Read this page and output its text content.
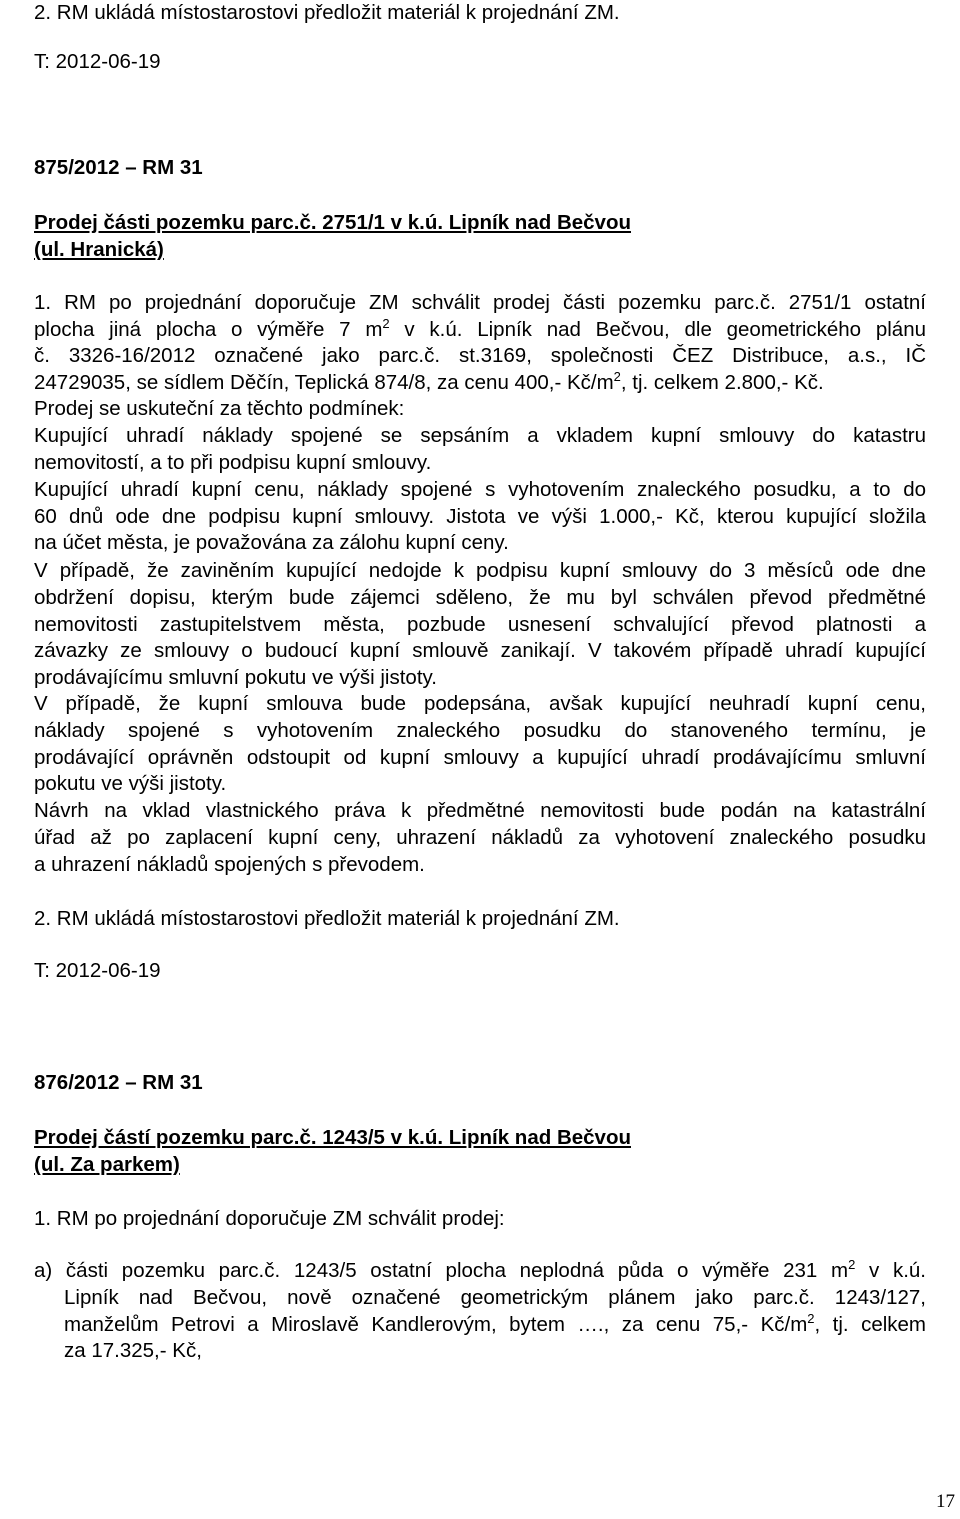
2. RM ukládá místostarostovi předložit materiál k projednání ZM.
T: 2012-06-19
875/2012 – RM 31
Prodej části pozemku parc.č. 2751/1 v k.ú. Lipník nad Bečvou
(ul. Hranická)
1. RM po projednání doporučuje ZM schválit prodej části pozemku parc.č. 2751/1 ostatní
plocha jiná plocha o výměře 7 $m^2$ v k.ú. Lipník nad Bečvou, dle geometrického plánu
č. 3326-16/2012 označené jako parc.č. st.3169, společnosti ČEZ Distribuce, a.s., IČ
24729035, se sídlem Děčín, Teplická 874/8, za cenu 400,- $Kč/m^2$, tj. celkem 2.800,- Kč.
Prodej se uskuteční za těchto podmínek:
Kupující uhradí náklady spojené se sepsáním a vkladem kupní smlouvy do katastru
nemovitostí, a to při podpisu kupní smlouvy.
Kupující uhradí kupní cenu, náklady spojené s vyhotovením znaleckého posudku, a to do
60 dnů ode dne podpisu kupní smlouvy. Jistota ve výši 1.000,- Kč, kterou kupující složila
na účet města, je považována za zálohu kupní ceny.
V případě, že zaviněním kupující nedojde k podpisu kupní smlouvy do 3 měsíců ode dne
obdržení dopisu, kterým bude zájemci sděleno, že mu byl schválen převod předmětné
nemovitosti zastupitelstvem města, pozbude usnesení schvalující převod platnosti a
závazky ze smlouvy o budoucí kupní smlouvě zanikají. V takovém případě uhradí kupující
prodávajícímu smluvní pokutu ve výši jistoty.
V případě, že kupní smlouva bude podepsána, avšak kupující neuhradí kupní cenu,
náklady spojené s vyhotovením znaleckého posudku do stanoveného termínu, je
prodávající oprávněn odstoupit od kupní smlouvy a kupující uhradí prodávajícímu smluvní
pokutu ve výši jistoty.
Návrh na vklad vlastnického práva k předmětné nemovitosti bude podán na katastrální
úřad až po zaplacení kupní ceny, uhrazení nákladů za vyhotovení znaleckého posudku
a uhrazení nákladů spojených s převodem.
2. RM ukládá místostarostovi předložit materiál k projednání ZM.
T: 2012-06-19
876/2012 – RM 31
Prodej částí pozemku parc.č. 1243/5 v k.ú. Lipník nad Bečvou
(ul. Za parkem)
1. RM po projednání doporučuje ZM schválit prodej:
a) části pozemku parc.č. 1243/5 ostatní plocha neplodná půda o výměře 231 $m^2$ v k.ú.
Lipník nad Bečvou, nově označené geometrickým plánem jako parc.č. 1243/127,
manželům Petrovi a Miroslavě Kandlerovým, bytem …., za cenu 75,- $Kč/m^2$, tj. celkem
za 17.325,- Kč,
17
